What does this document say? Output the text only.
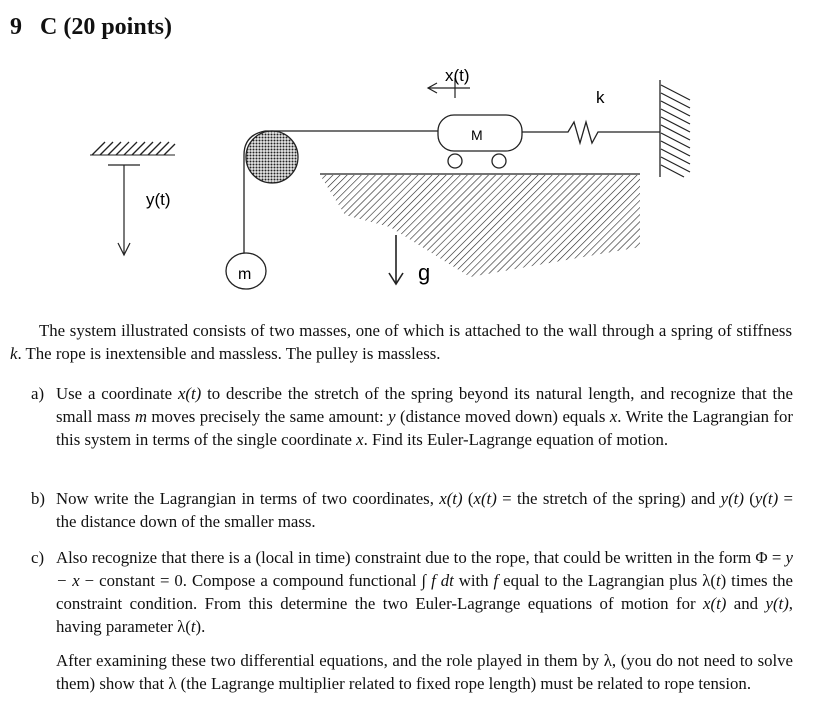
9 C (20 points)
y(t)
m
M
x(t)
k
g
The system illustrated consists of two masses, one of which is attached to the wall through a spring of stiffness k. The rope is inextensible and massless. The pulley is massless.
a) Use a coordinate x(t) to describe the stretch of the spring beyond its natural length, and recognize that the small mass m moves precisely the same amount: y (distance moved down) equals x. Write the Lagrangian for this system in terms of the single coordinate x. Find its Euler-Lagrange equation of motion.
b) Now write the Lagrangian in terms of two coordinates, x(t) (x(t) = the stretch of the spring) and y(t) (y(t) = the distance down of the smaller mass.
c) Also recognize that there is a (local in time) constraint due to the rope, that could be written in the form Φ = y − x − constant = 0. Compose a compound functional ∫ f dt with f equal to the Lagrangian plus λ(t) times the constraint condition. From this determine the two Euler-Lagrange equations of motion for x(t) and y(t), having parameter λ(t).
After examining these two differential equations, and the role played in them by λ, (you do not need to solve them) show that λ (the Lagrange multiplier related to fixed rope length) must be related to rope tension.
